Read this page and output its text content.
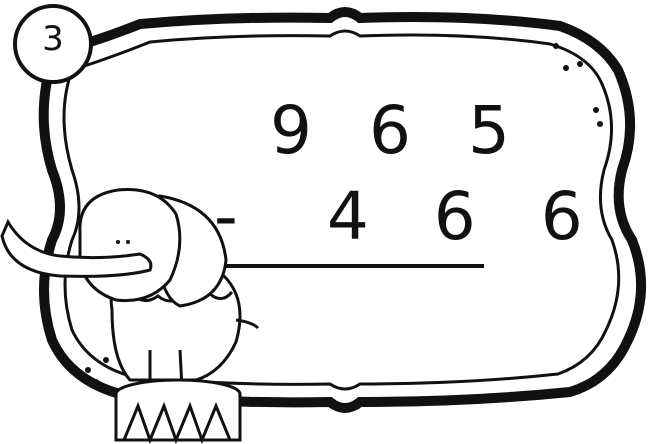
3
9 6 5
- 4 6 6
